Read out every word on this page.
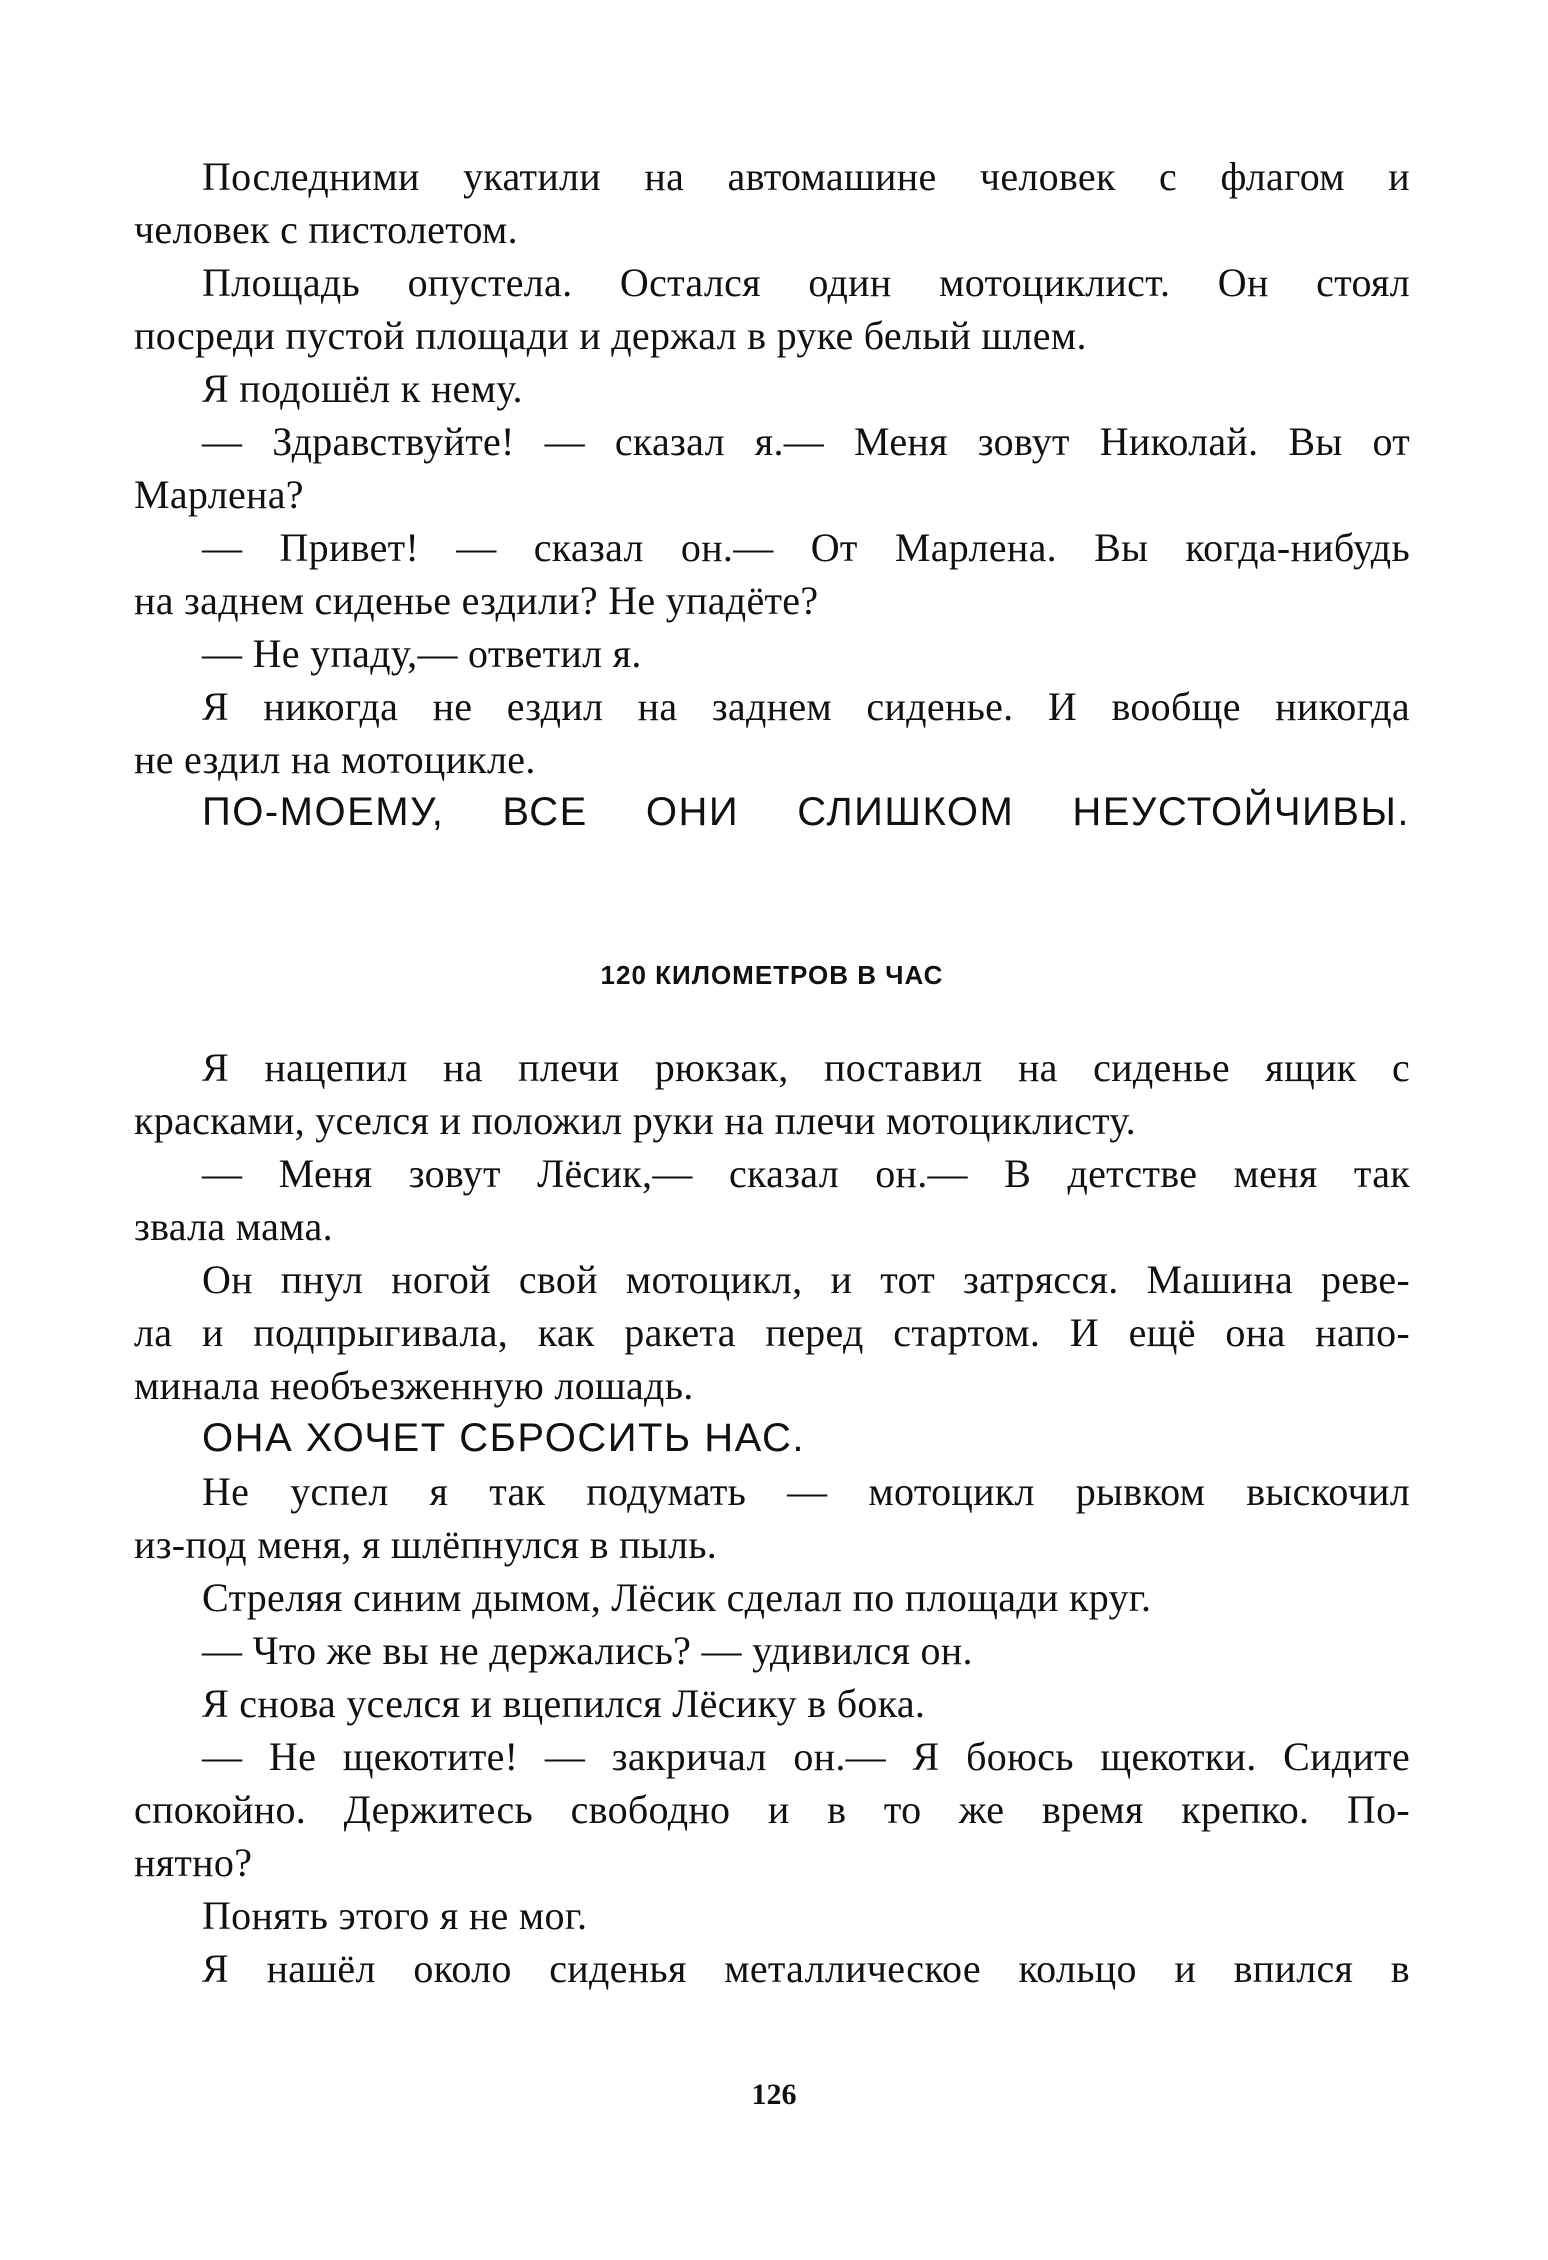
Последними укатили на автомашине человек с флагом и
человек с пистолетом.
Площадь опустела. Остался один мотоциклист. Он стоял
посреди пустой площади и держал в руке белый шлем.
Я подошёл к нему.
— Здравствуйте! — сказал я.— Меня зовут Николай. Вы от
Марлена?
— Привет! — сказал он.— От Марлена. Вы когда-нибудь
на заднем сиденье ездили? Не упадёте?
— Не упаду,— ответил я.
Я никогда не ездил на заднем сиденье. И вообще никогда
не ездил на мотоцикле.
ПО-МОЕМУ, ВСЕ ОНИ СЛИШКОМ НЕУСТОЙЧИВЫ.
120 КИЛОМЕТРОВ В ЧАС
Я нацепил на плечи рюкзак, поставил на сиденье ящик с
красками, уселся и положил руки на плечи мотоциклисту.
— Меня зовут Лёсик,— сказал он.— В детстве меня так
звала мама.
Он пнул ногой свой мотоцикл, и тот затрясся. Машина реве-
ла и подпрыгивала, как ракета перед стартом. И ещё она напо-
минала необъезженную лошадь.
ОНА ХОЧЕТ СБРОСИТЬ НАС.
Не успел я так подумать — мотоцикл рывком выскочил
из-под меня, я шлёпнулся в пыль.
Стреляя синим дымом, Лёсик сделал по площади круг.
— Что же вы не держались? — удивился он.
Я снова уселся и вцепился Лёсику в бока.
— Не щекотите! — закричал он.— Я боюсь щекотки. Сидите
спокойно. Держитесь свободно и в то же время крепко. По-
нятно?
Понять этого я не мог.
Я нашёл около сиденья металлическое кольцо и впился в
126
